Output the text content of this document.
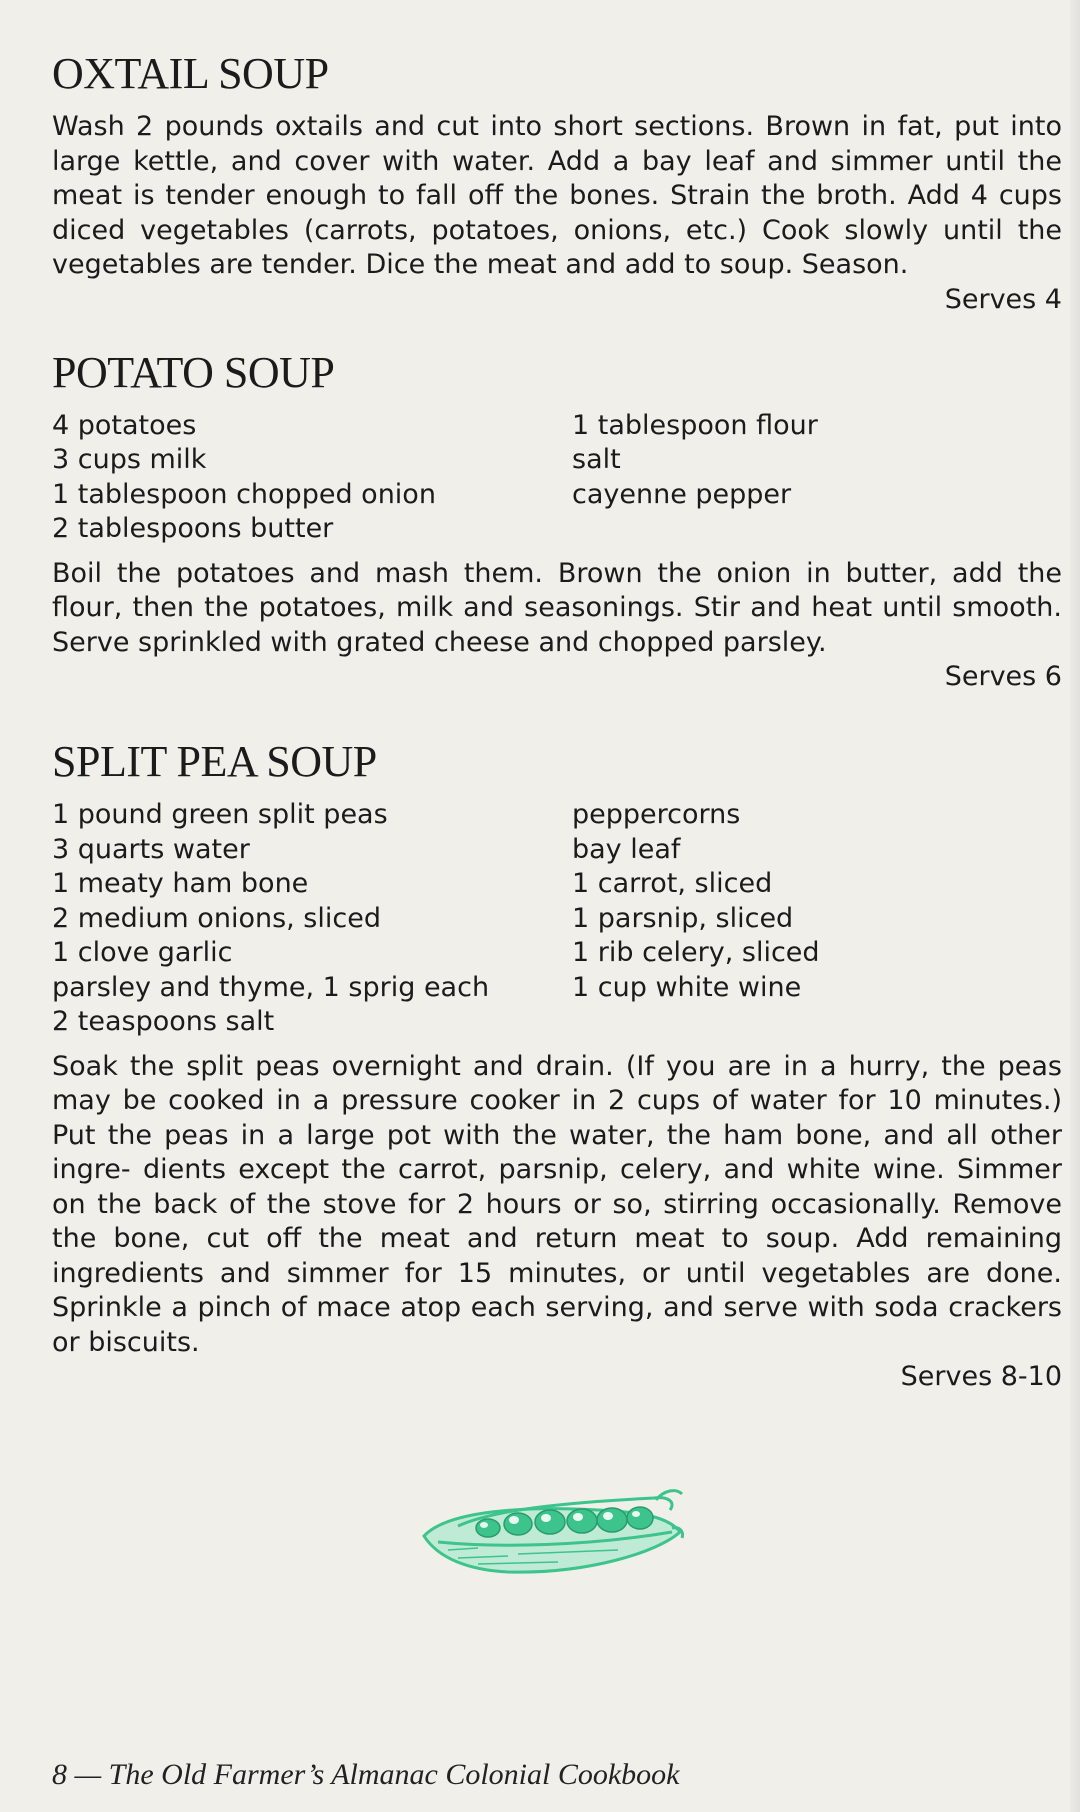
OXTAIL SOUP

Wash 2 pounds oxtails and cut into short sections. Brown in fat, put into large kettle, and cover with water. Add a bay leaf and simmer until the meat is tender enough to fall off the bones. Strain the broth. Add 4 cups diced vegetables (carrots, potatoes, onions, etc.) Cook slowly until the vegetables are tender. Dice the meat and add to soup. Season.

Serves 4

POTATO SOUP
4 potatoes
3 cups milk
1 tablespoon chopped onion
2 tablespoons butter
1 tablespoon flour
salt
cayenne pepper

Boil the potatoes and mash them. Brown the onion in butter, add the flour, then the potatoes, milk and seasonings. Stir and heat until smooth. Serve sprinkled with grated cheese and chopped parsley.

Serves 6

SPLIT PEA SOUP
1 pound green split peas
3 quarts water
1 meaty ham bone
2 medium onions, sliced
1 clove garlic
parsley and thyme, 1 sprig each
2 teaspoons salt
peppercorns
bay leaf
1 carrot, sliced
1 parsnip, sliced
1 rib celery, sliced
1 cup white wine

Soak the split peas overnight and drain. (If you are in a hurry, the peas may be cooked in a pressure cooker in 2 cups of water for 10 minutes.) Put the peas in a large pot with the water, the ham bone, and all other ingre- dients except the carrot, parsnip, celery, and white wine. Simmer on the back of the stove for 2 hours or so, stirring occasionally. Remove the bone, cut off the meat and return meat to soup. Add remaining ingredients and simmer for 15 minutes, or until vegetables are done. Sprinkle a pinch of mace atop each serving, and serve with soda crackers or biscuits.

Serves 8-10

8 — The Old Farmer’s Almanac Colonial Cookbook
